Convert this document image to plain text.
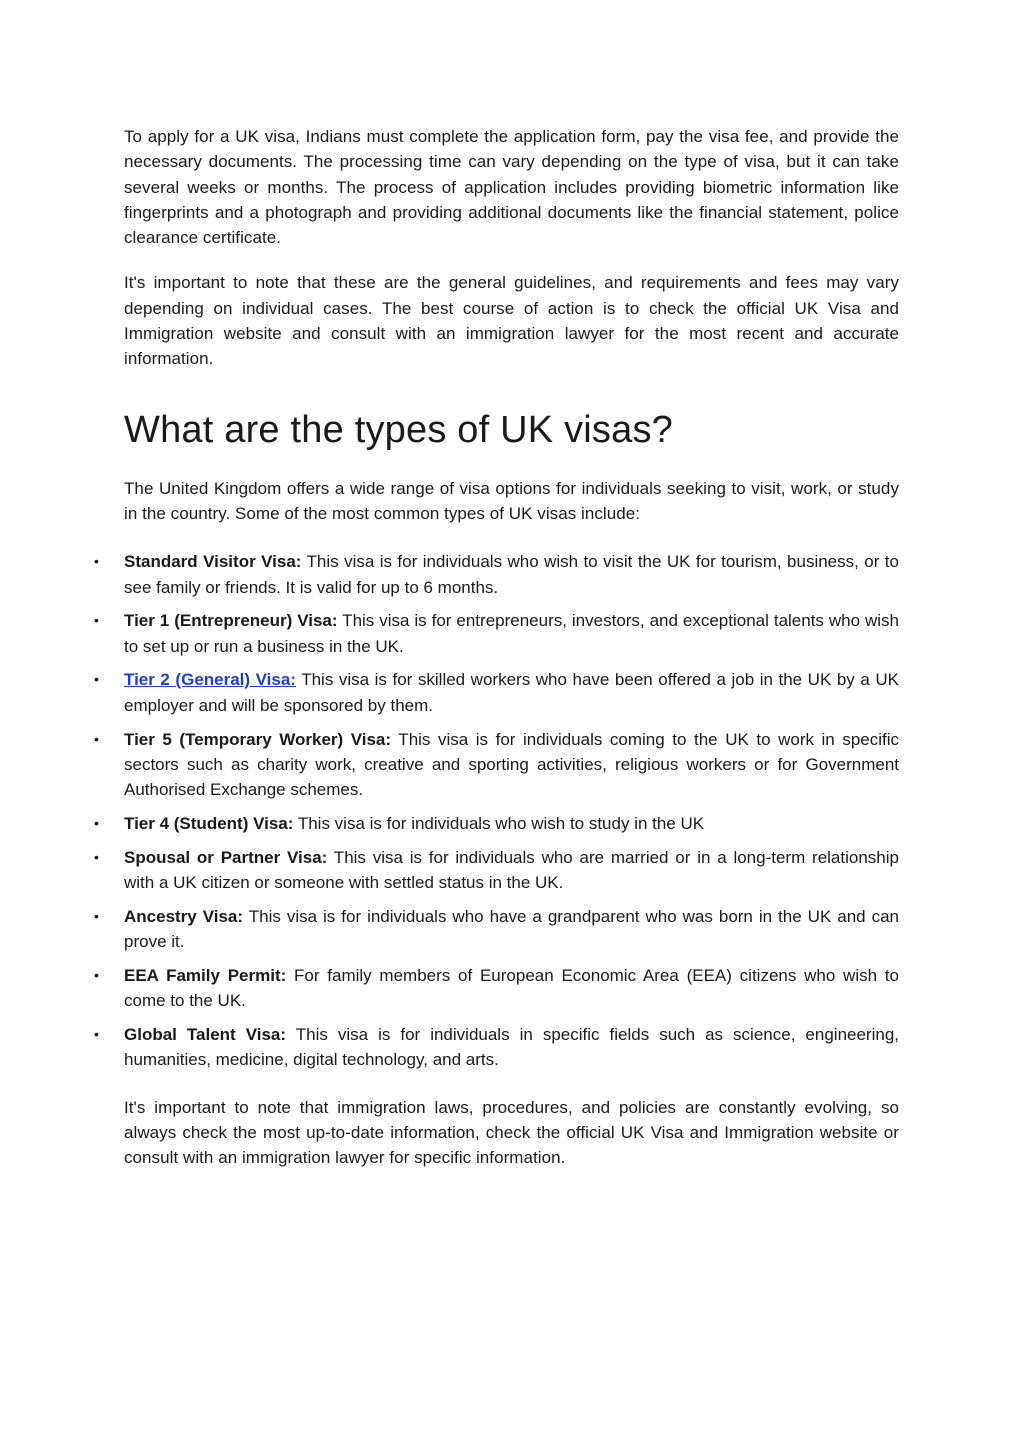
To apply for a UK visa, Indians must complete the application form, pay the visa fee, and provide the necessary documents. The processing time can vary depending on the type of visa, but it can take several weeks or months. The process of application includes providing biometric information like fingerprints and a photograph and providing additional documents like the financial statement, police clearance certificate.

It's important to note that these are the general guidelines, and requirements and fees may vary depending on individual cases. The best course of action is to check the official UK Visa and Immigration website and consult with an immigration lawyer for the most recent and accurate information.

What are the types of UK visas?

The United Kingdom offers a wide range of visa options for individuals seeking to visit, work, or study in the country. Some of the most common types of UK visas include:

• Standard Visitor Visa: This visa is for individuals who wish to visit the UK for tourism, business, or to see family or friends. It is valid for up to 6 months.
• Tier 1 (Entrepreneur) Visa: This visa is for entrepreneurs, investors, and exceptional talents who wish to set up or run a business in the UK.
• Tier 2 (General) Visa: This visa is for skilled workers who have been offered a job in the UK by a UK employer and will be sponsored by them.
• Tier 5 (Temporary Worker) Visa: This visa is for individuals coming to the UK to work in specific sectors such as charity work, creative and sporting activities, religious workers or for Government Authorised Exchange schemes.
• Tier 4 (Student) Visa: This visa is for individuals who wish to study in the UK
• Spousal or Partner Visa: This visa is for individuals who are married or in a long-term relationship with a UK citizen or someone with settled status in the UK.
• Ancestry Visa: This visa is for individuals who have a grandparent who was born in the UK and can prove it.
• EEA Family Permit: For family members of European Economic Area (EEA) citizens who wish to come to the UK.
• Global Talent Visa: This visa is for individuals in specific fields such as science, engineering, humanities, medicine, digital technology, and arts.

It's important to note that immigration laws, procedures, and policies are constantly evolving, so always check the most up-to-date information, check the official UK Visa and Immigration website or consult with an immigration lawyer for specific information.
